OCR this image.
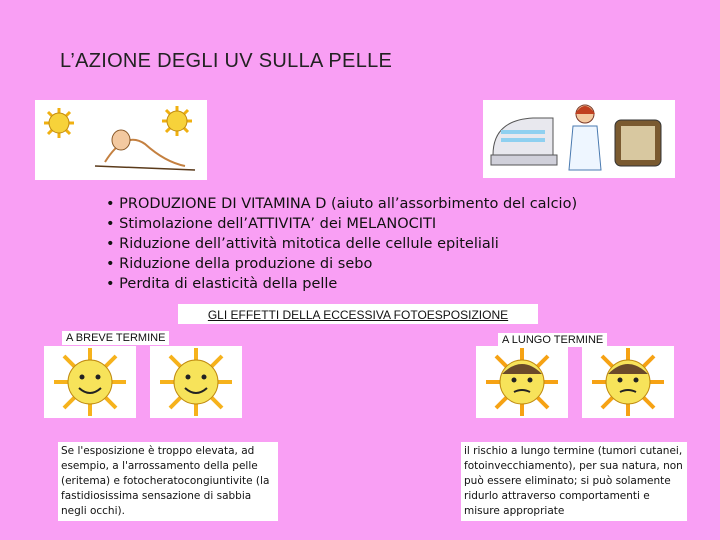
L’AZIONE DEGLI UV SULLA PELLE
• PRODUZIONE DI VITAMINA D (aiuto all’assorbimento del calcio)
• Stimolazione dell’ATTIVITA’ dei MELANOCITI
• Riduzione dell’attività mitotica delle cellule epiteliali
• Riduzione della produzione di sebo
• Perdita di elasticità della pelle
GLI EFFETTI DELLA ECCESSIVA FOTOESPOSIZIONE
A BREVE TERMINE	A LUNGO TERMINE
Se l'esposizione è troppo elevata, ad esempio, a l'arrossamento della pelle (eritema) e fotocheratocongiuntivite (la fastidiosissima sensazione di sabbia negli occhi).
il rischio a lungo termine (tumori cutanei, fotoinvecchiamento), per sua natura, non può essere eliminato; si può solamente ridurlo attraverso comportamenti e misure appropriate
